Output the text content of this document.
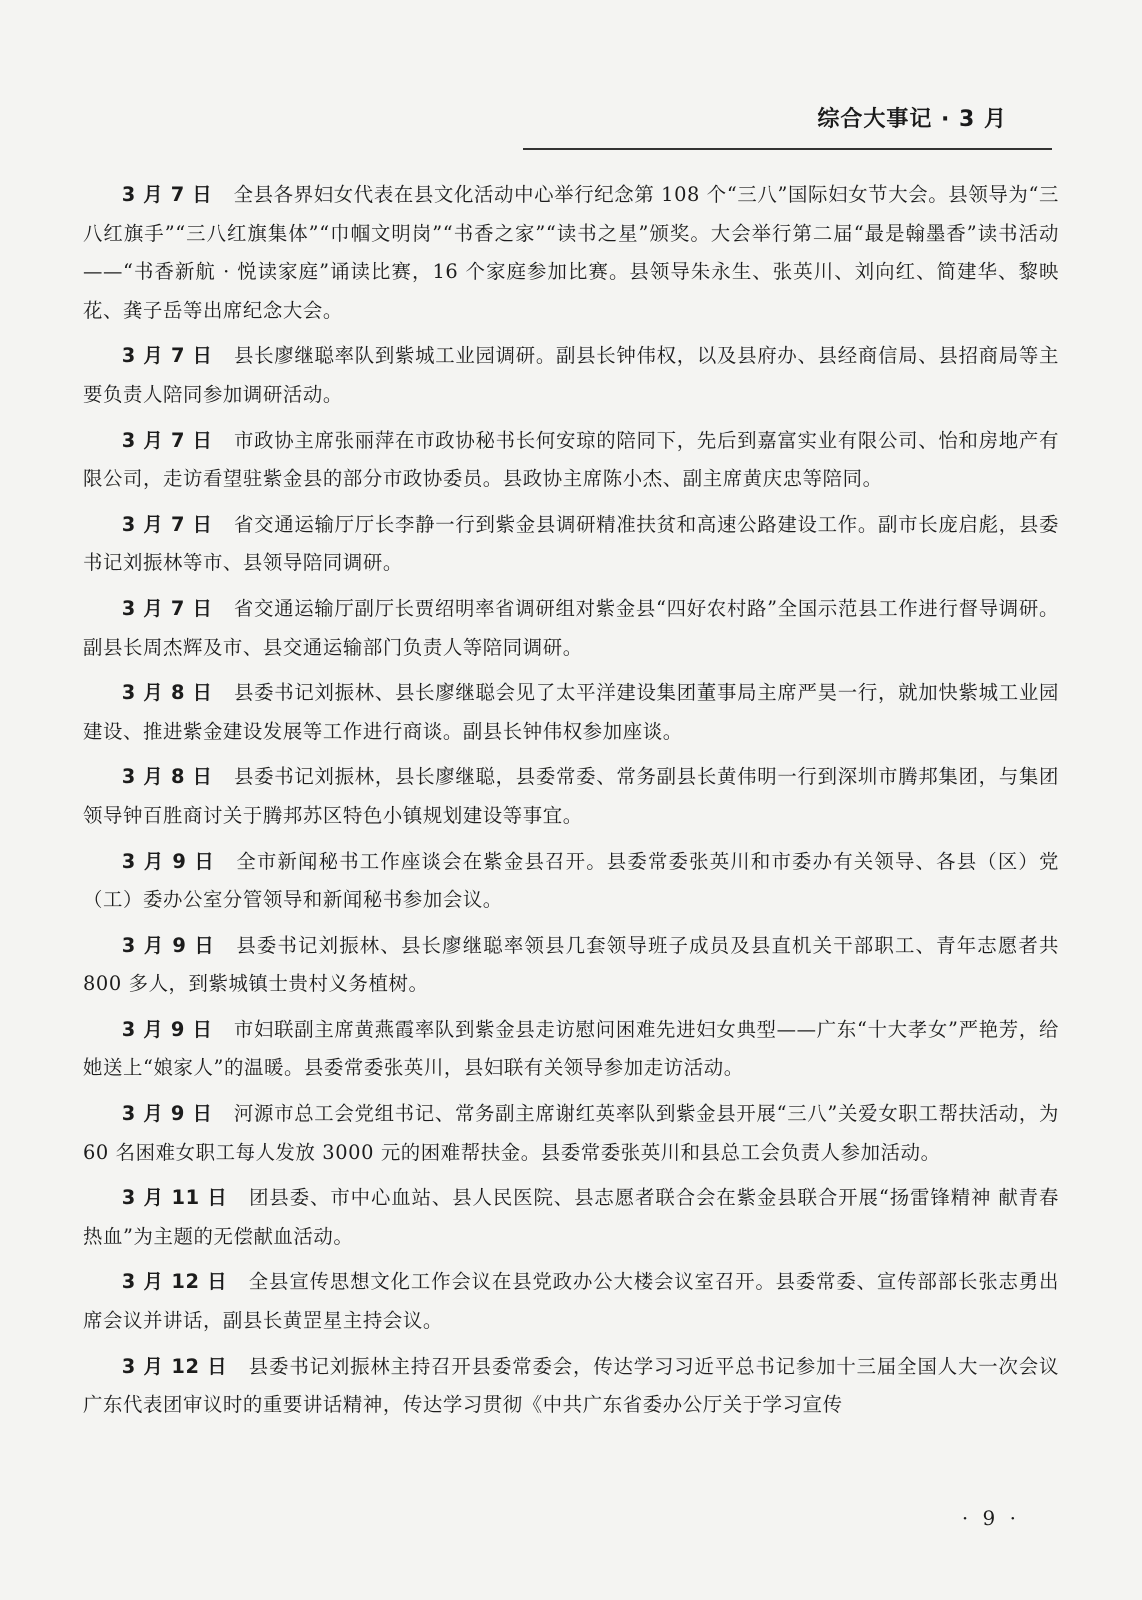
综合大事记 · 3 月

3 月 7 日 全县各界妇女代表在县文化活动中心举行纪念第 108 个“三八”国际妇女节大会。县领导为“三八红旗手”“三八红旗集体”“巾帼文明岗”“书香之家”“读书之星”颁奖。大会举行第二届“最是翰墨香”读书活动——“书香新航 · 悦读家庭”诵读比赛，16 个家庭参加比赛。县领导朱永生、张英川、刘向红、简建华、黎映花、龚子岳等出席纪念大会。

3 月 7 日 县长廖继聪率队到紫城工业园调研。副县长钟伟权，以及县府办、县经商信局、县招商局等主要负责人陪同参加调研活动。

3 月 7 日 市政协主席张丽萍在市政协秘书长何安琼的陪同下，先后到嘉富实业有限公司、怡和房地产有限公司，走访看望驻紫金县的部分市政协委员。县政协主席陈小杰、副主席黄庆忠等陪同。

3 月 7 日 省交通运输厅厅长李静一行到紫金县调研精准扶贫和高速公路建设工作。副市长庞启彪，县委书记刘振林等市、县领导陪同调研。

3 月 7 日 省交通运输厅副厅长贾绍明率省调研组对紫金县“四好农村路”全国示范县工作进行督导调研。副县长周杰辉及市、县交通运输部门负责人等陪同调研。

3 月 8 日 县委书记刘振林、县长廖继聪会见了太平洋建设集团董事局主席严昊一行，就加快紫城工业园建设、推进紫金建设发展等工作进行商谈。副县长钟伟权参加座谈。

3 月 8 日 县委书记刘振林，县长廖继聪，县委常委、常务副县长黄伟明一行到深圳市腾邦集团，与集团领导钟百胜商讨关于腾邦苏区特色小镇规划建设等事宜。

3 月 9 日 全市新闻秘书工作座谈会在紫金县召开。县委常委张英川和市委办有关领导、各县（区）党（工）委办公室分管领导和新闻秘书参加会议。

3 月 9 日 县委书记刘振林、县长廖继聪率领县几套领导班子成员及县直机关干部职工、青年志愿者共 800 多人，到紫城镇士贵村义务植树。

3 月 9 日 市妇联副主席黄燕霞率队到紫金县走访慰问困难先进妇女典型——广东“十大孝女”严艳芳，给她送上“娘家人”的温暖。县委常委张英川，县妇联有关领导参加走访活动。

3 月 9 日 河源市总工会党组书记、常务副主席谢红英率队到紫金县开展“三八”关爱女职工帮扶活动，为 60 名困难女职工每人发放 3000 元的困难帮扶金。县委常委张英川和县总工会负责人参加活动。

3 月 11 日 团县委、市中心血站、县人民医院、县志愿者联合会在紫金县联合开展“扬雷锋精神 献青春热血”为主题的无偿献血活动。

3 月 12 日 全县宣传思想文化工作会议在县党政办公大楼会议室召开。县委常委、宣传部部长张志勇出席会议并讲话，副县长黄罡星主持会议。

3 月 12 日 县委书记刘振林主持召开县委常委会，传达学习习近平总书记参加十三届全国人大一次会议广东代表团审议时的重要讲话精神，传达学习贯彻《中共广东省委办公厅关于学习宣传

· 9 ·
